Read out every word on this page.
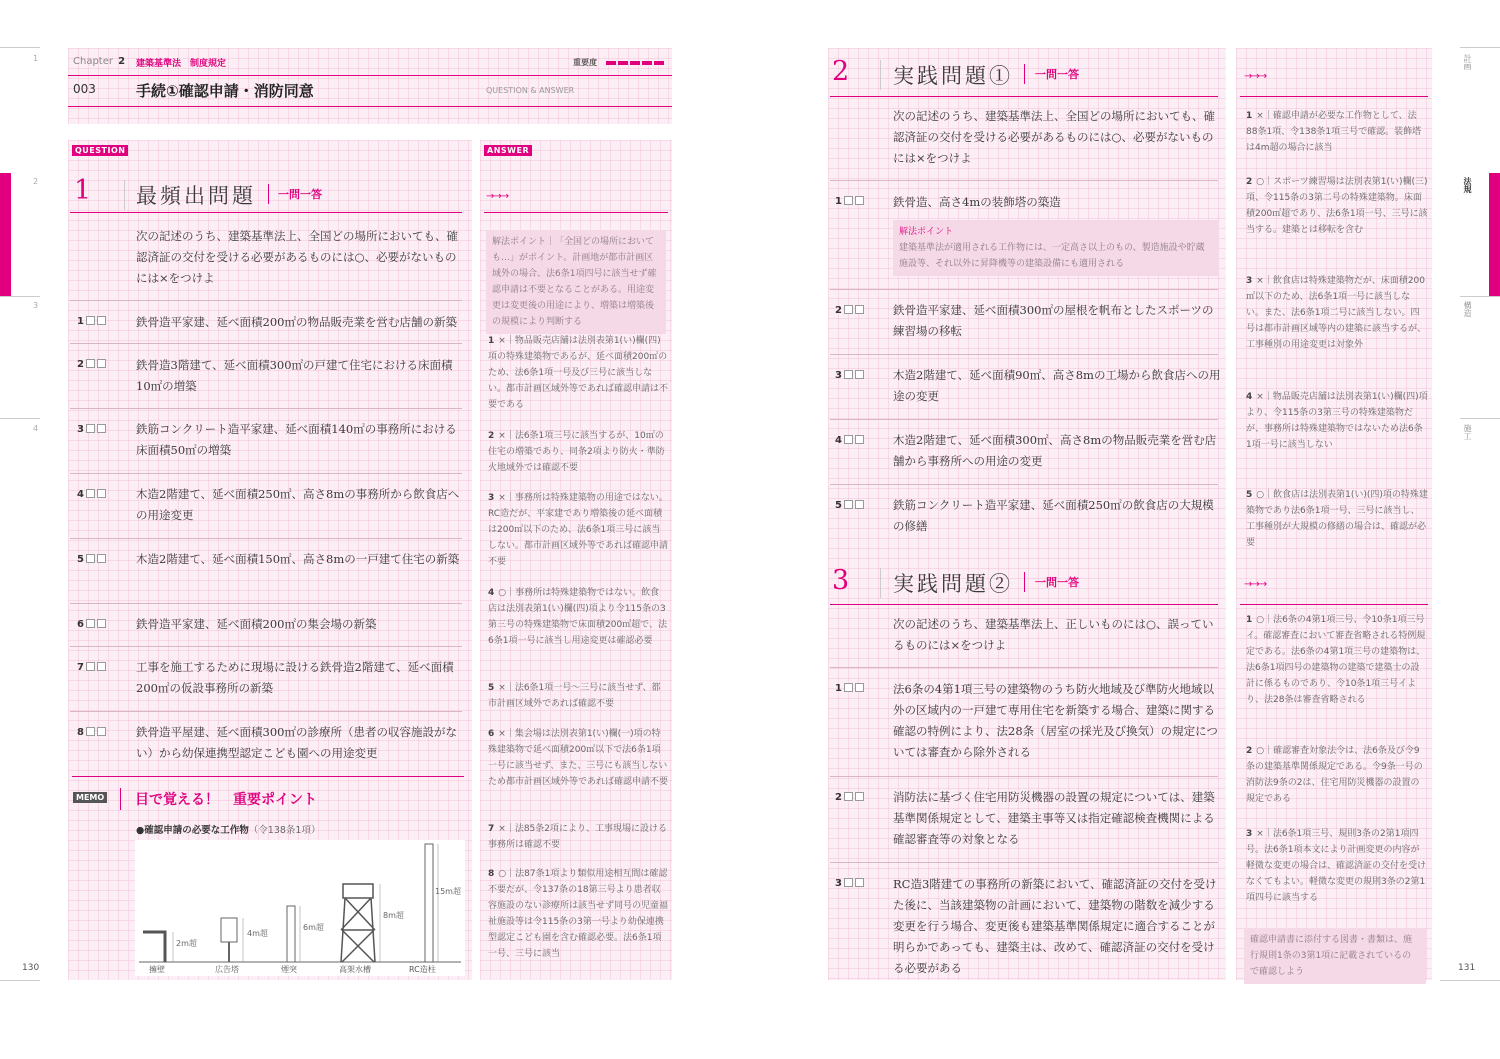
1
2
3
4
Chapter 2 建築基準法　制度規定	重要度
003	手続①確認申請・消防同意	QUESTION & ANSWER
QUESTION	ANSWER
1 最頻出問題 一問一答	→→→
次の記述のうち、建築基準法上、全国どの場所においても、確認済証の交付を受ける必要があるものには○、必要がないものには×をつけよ
解法ポイント｜「全国どの場所においても…」がポイント。計画地が都市計画区域外の場合、法6条1項四号に該当せず確認申請は不要となることがある。用途変更は変更後の用途により、増築は増築後の規模により判断する
1	鉄骨造平家建、延べ面積200㎡の物品販売業を営む店舗の新築
2	鉄骨造3階建て、延べ面積300㎡の戸建て住宅における床面積10㎡の増築
3	鉄筋コンクリート造平家建、延べ面積140㎡の事務所における床面積50㎡の増築
4	木造2階建て、延べ面積250㎡、高さ8mの事務所から飲食店への用途変更
5	木造2階建て、延べ面積150㎡、高さ8mの一戸建て住宅の新築
6	鉄骨造平家建、延べ面積200㎡の集会場の新築
7	工事を施工するために現場に設ける鉄骨造2階建て、延べ面積200㎡の仮設事務所の新築
8	鉄骨造平屋建、延べ面積300㎡の診療所（患者の収容施設がない）から幼保連携型認定こども園への用途変更
1 ×｜物品販売店舗は法別表第1(い)欄(四)項の特殊建築物であるが、延べ面積200㎡のため、法6条1項一号及び三号に該当しない。都市計画区域外等であれば確認申請は不要である
2 ×｜法6条1項三号に該当するが、10㎡の住宅の増築であり、同条2項より防火・準防火地域外では確認不要
3 ×｜事務所は特殊建築物の用途ではない。RC造だが、平家建であり増築後の延べ面積は200㎡以下のため、法6条1項三号に該当しない。都市計画区域外等であれば確認申請不要
4 ○｜事務所は特殊建築物ではない。飲食店は法別表第1(い)欄(四)項より令115条の3第三号の特殊建築物で床面積200㎡超で、法6条1項一号に該当し用途変更は確認必要
5 ×｜法6条1項一号〜三号に該当せず、都市計画区域外であれば確認不要
6 ×｜集会場は法別表第1(い)欄(一)項の特殊建築物で延べ面積200㎡以下で法6条1項一号に該当せず、また、三号にも該当しないため都市計画区域外等であれば確認申請不要
7 ×｜法85条2項により、工事現場に設ける事務所は確認不要
8 ○｜法87条1項より類似用途相互間は確認不要だが、令137条の18第三号より患者収容施設のない診療所は該当せず同号の児童福祉施設等は令115条の3第一号より幼保連携型認定こども園を含む確認必要。法6条1項一号、三号に該当
MEMO 目で覚える！　重要ポイント
●確認申請の必要な工作物（令138条1項）
2m超
4m超
6m超
8m超
15m超
擁壁	広告塔	煙突	高架水槽	RC造柱
130
計画
法規
構造
施工
2 実践問題① 一問一答	→→→
次の記述のうち、建築基準法上、全国どの場所においても、確認済証の交付を受ける必要があるものには○、必要がないものには×をつけよ
1	鉄骨造、高さ4mの装飾塔の築造
解法ポイント
建築基準法が適用される工作物には、一定高さ以上のもの、製造施設や貯蔵施設等、それ以外に昇降機等の建築設備にも適用される
2	鉄骨造平家建、延べ面積300㎡の屋根を帆布としたスポーツの練習場の移転
3	木造2階建て、延べ面積90㎡、高さ8mの工場から飲食店への用途の変更
4	木造2階建て、延べ面積300㎡、高さ8mの物品販売業を営む店舗から事務所への用途の変更
5	鉄筋コンクリート造平家建、延べ面積250㎡の飲食店の大規模の修繕
1 ×｜確認申請が必要な工作物として、法88条1項、令138条1項三号で確認。装飾塔は4m超の場合に該当
2 ○｜スポーツ練習場は法別表第1(い)欄(三)項、令115条の3第二号の特殊建築物。床面積200㎡超であり、法6条1項一号、三号に該当する。建築とは移転を含む
3 ×｜飲食店は特殊建築物だが、床面積200㎡以下のため、法6条1項一号に該当しない。また、法6条1項二号に該当しない。四号は都市計画区域等内の建築に該当するが、工事種別の用途変更は対象外
4 ×｜物品販売店舗は法別表第1(い)欄(四)項より、令115条の3第三号の特殊建築物だが、事務所は特殊建築物ではないため法6条1項一号に該当しない
5 ○｜飲食店は法別表第1(い)(四)項の特殊建築物であり法6条1項一号、三号に該当し、工事種別が大規模の修繕の場合は、確認が必要
3 実践問題② 一問一答	→→→
次の記述のうち、建築基準法上、正しいものには○、誤っているものには×をつけよ
1	法6条の4第1項三号の建築物のうち防火地域及び準防火地域以外の区域内の一戸建て専用住宅を新築する場合、建築に関する確認の特例により、法28条（居室の採光及び換気）の規定については審査から除外される
2	消防法に基づく住宅用防災機器の設置の規定については、建築基準関係規定として、建築主事等又は指定確認検査機関による確認審査等の対象となる
3	RC造3階建ての事務所の新築において、確認済証の交付を受けた後に、当該建築物の計画において、建築物の階数を減少する変更を行う場合、変更後も建築基準関係規定に適合することが明らかであっても、建築主は、改めて、確認済証の交付を受ける必要がある
1 ○｜法6条の4第1項三号、令10条1項三号イ。確認審査において審査省略される特例規定である。法6条の4第1項三号の建築物は、法6条1項四号の建築物の建築で建築士の設計に係るものであり、令10条1項三号イより、法28条は審査省略される
2 ○｜確認審査対象法令は、法6条及び令9条の建築基準関係規定である。令9条一号の消防法9条の2は、住宅用防災機器の設置の規定である
3 ×｜法6条1項三号、規則3条の2第1項四号。法6条1項本文により計画変更の内容が軽微な変更の場合は、確認済証の交付を受けなくてもよい。軽微な変更の規則3条の2第1項四号に該当する
確認申請書に添付する図書・書類は、施行規則1条の3第1項に記載されているので確認しよう	131
